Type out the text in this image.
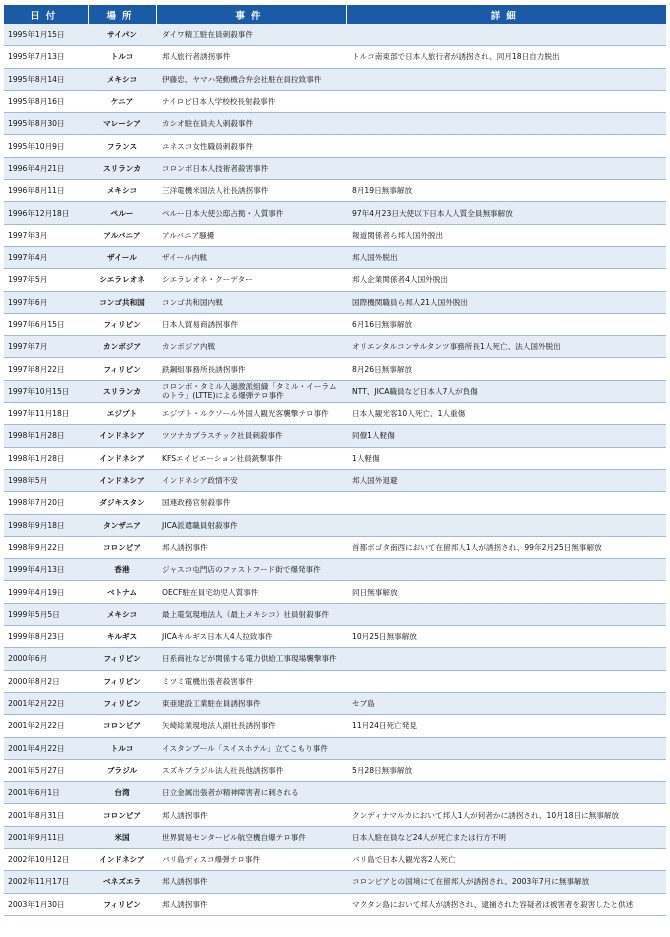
日付	場所	事件	詳細
1995年1月15日	サイパン	ダイワ精工駐在員刺殺事件	
1995年7月13日	トルコ	邦人旅行者誘拐事件	トルコ南東部で日本人旅行者が誘拐され、同月18日自力脱出
1995年8月14日	メキシコ	伊藤忠、ヤマハ発動機合弁会社駐在員拉致事件	
1995年8月16日	ケニア	ナイロビ日本人学校校長射殺事件	
1995年8月30日	マレーシア	カシオ駐在員夫人刺殺事件	
1995年10月9日	フランス	ユネスコ女性職員刺殺事件	
1996年4月21日	スリランカ	コロンボ日本人技術者殺害事件	
1996年8月11日	メキシコ	三洋電機米国法人社長誘拐事件	8月19日無事解放
1996年12月18日	ペルー	ペルー日本大使公邸占拠・人質事件	97年4月23日大使以下日本人人質全員無事解放
1997年3月	アルバニア	アルバニア騒擾	報道関係者ら邦人国外脱出
1997年4月	ザイール	ザイール内戦	邦人国外脱出
1997年5月	シエラレオネ	シエラレオネ・クーデター	邦人企業関係者4人国外脱出
1997年6月	コンゴ共和国	コンゴ共和国内戦	国際機関職員ら邦人21人国外脱出
1997年6月15日	フィリピン	日本人貿易商誘拐事件	6月16日無事解放
1997年7月	カンボジア	カンボジア内戦	オリエンタルコンサルタンツ事務所長1人死亡、法人国外脱出
1997年8月22日	フィリピン	鉄鋼組事務所長誘拐事件	8月26日無事解放
1997年10月15日	スリランカ	コロンボ・タミル人過激派組織「タミル・イーラムのトラ」(LTTE)による爆弾テロ事件	NTT、JICA職員など日本人7人が負傷
1997年11月18日	エジプト	エジプト・ルクソール外国人観光客襲撃テロ事件	日本人観光客10人死亡、1人重傷
1998年1月28日	インドネシア	ツツナカプラスチック社員刺殺事件	同僚1人軽傷
1998年1月28日	インドネシア	KFSエイビエーション社員銃撃事件	1人軽傷
1998年5月	インドネシア	インドネシア政情不安	邦人国外退避
1998年7月20日	ダジキスタン	国連政務官射殺事件	
1998年9月18日	タンザニア	JICA派遣職員射殺事件	
1998年9月22日	コロンビア	邦人誘拐事件	首都ボゴタ南西において在留邦人1人が誘拐され、99年2月25日無事解放
1999年4月13日	香港	ジャスコ屯門店のファストフード街で爆発事件	
1999年4月19日	ベトナム	OECF駐在員宅幼児人質事件	同日無事解放
1999年5月5日	メキシコ	最上電気現地法人（最上メキシコ）社員射殺事件	
1999年8月23日	キルギス	JICAキルギス日本人4人拉致事件	10月25日無事解放
2000年6月	フィリピン	日系商社などが関係する電力供給工事現場襲撃事件	
2000年8月2日	フィリピン	ミツミ電機出張者殺害事件	
2001年2月22日	フィリピン	東亜建設工業駐在員誘拐事件	セブ島
2001年2月22日	コロンビア	矢崎総業現地法人副社長誘拐事件	11月24日死亡発見
2001年4月22日	トルコ	イスタンブール「スイスホテル」立てこもり事件	
2001年5月27日	ブラジル	スズキブラジル法人社長他誘拐事件	5月28日無事解放
2001年6月1日	台湾	日立金属出張者が精神障害者に刺される	
2001年8月31日	コロンビア	邦人誘拐事件	クンディナマルカにおいて邦人1人が何者かに誘拐され、10月18日に無事解放
2001年9月11日	米国	世界貿易センタービル航空機自爆テロ事件	日本人駐在員など24人が死亡または行方不明
2002年10月12日	インドネシア	バリ島ディスコ爆弾テロ事件	バリ島で日本人観光客2人死亡
2002年11月17日	ベネズエラ	邦人誘拐事件	コロンビアとの国境にて在留邦人が誘拐され、2003年7月に無事解放
2003年1月30日	フィリピン	邦人誘拐事件	マクタン島において邦人が誘拐され、逮捕された容疑者は被害者を殺害したと供述
